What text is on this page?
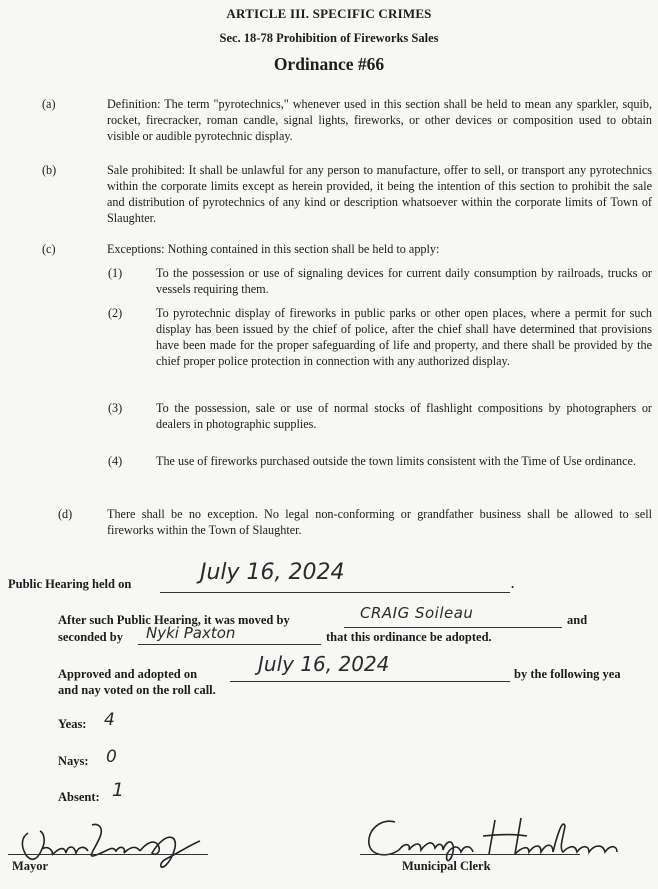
ARTICLE III. SPECIFIC CRIMES
Sec. 18-78 Prohibition of Fireworks Sales
Ordinance #66
(a)	Definition: The term "pyrotechnics," whenever used in this section shall be held to mean any sparkler, squib, rocket, firecracker, roman candle, signal lights, fireworks, or other devices or composition used to obtain visible or audible pyrotechnic display.
(b)	Sale prohibited: It shall be unlawful for any person to manufacture, offer to sell, or transport any pyrotechnics within the corporate limits except as herein provided, it being the intention of this section to prohibit the sale and distribution of pyrotechnics of any kind or description whatsoever within the corporate limits of Town of Slaughter.
(c)	Exceptions: Nothing contained in this section shall be held to apply:
(1)	To the possession or use of signaling devices for current daily consumption by railroads, trucks or vessels requiring them.
(2)	To pyrotechnic display of fireworks in public parks or other open places, where a permit for such display has been issued by the chief of police, after the chief shall have determined that provisions have been made for the proper safeguarding of life and property, and there shall be provided by the chief proper police protection in connection with any authorized display.
(3)	To the possession, sale or use of normal stocks of flashlight compositions by photographers or dealers in photographic supplies.
(4)	The use of fireworks purchased outside the town limits consistent with the Time of Use ordinance.
(d)	There shall be no exception. No legal non-conforming or grandfather business shall be allowed to sell fireworks within the Town of Slaughter.
Public Hearing held on	July 16, 2024	.
After such Public Hearing, it was moved by	CRAIG Soileau	and
seconded by Nyki Paxton	that this ordinance be adopted.
Approved and adopted on	July 16, 2024	by the following yea
and nay voted on the roll call.
Yeas: 4
Nays: 0
Absent: 1
Mayor	Municipal Clerk
